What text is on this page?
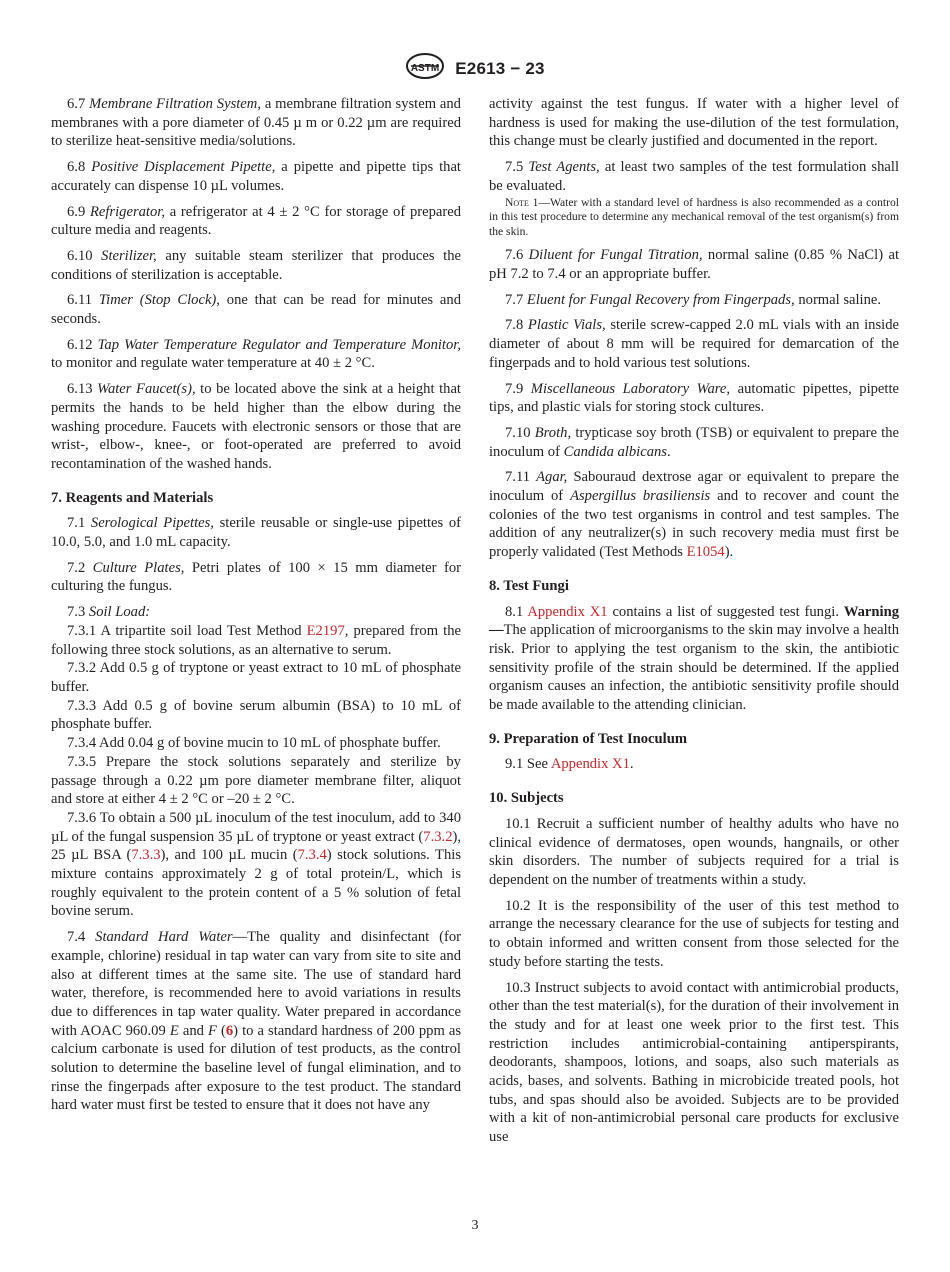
ASTM E2613 − 23

6.7 Membrane Filtration System, a membrane filtration system and membranes with a pore diameter of 0.45 µ m or 0.22 µm are required to sterilize heat-sensitive media/solutions.

6.8 Positive Displacement Pipette, a pipette and pipette tips that accurately can dispense 10 µL volumes.

6.9 Refrigerator, a refrigerator at 4 ± 2 °C for storage of prepared culture media and reagents.

6.10 Sterilizer, any suitable steam sterilizer that produces the conditions of sterilization is acceptable.

6.11 Timer (Stop Clock), one that can be read for minutes and seconds.

6.12 Tap Water Temperature Regulator and Temperature Monitor, to monitor and regulate water temperature at 40 ± 2 °C.

6.13 Water Faucet(s), to be located above the sink at a height that permits the hands to be held higher than the elbow during the washing procedure. Faucets with electronic sensors or those that are wrist-, elbow-, knee-, or foot-operated are preferred to avoid recontamination of the washed hands.

7. Reagents and Materials

7.1 Serological Pipettes, sterile reusable or single-use pipettes of 10.0, 5.0, and 1.0 mL capacity.

7.2 Culture Plates, Petri plates of 100 × 15 mm diameter for culturing the fungus.

7.3 Soil Load:

7.3.1 A tripartite soil load Test Method E2197, prepared from the following three stock solutions, as an alternative to serum.

7.3.2 Add 0.5 g of tryptone or yeast extract to 10 mL of phosphate buffer.

7.3.3 Add 0.5 g of bovine serum albumin (BSA) to 10 mL of phosphate buffer.

7.3.4 Add 0.04 g of bovine mucin to 10 mL of phosphate buffer.

7.3.5 Prepare the stock solutions separately and sterilize by passage through a 0.22 µm pore diameter membrane filter, aliquot and store at either 4 ± 2 °C or –20 ± 2 °C.

7.3.6 To obtain a 500 µL inoculum of the test inoculum, add to 340 µL of the fungal suspension 35 µL of tryptone or yeast extract (7.3.2), 25 µL BSA (7.3.3), and 100 µL mucin (7.3.4) stock solutions. This mixture contains approximately 2 g of total protein/L, which is roughly equivalent to the protein content of a 5 % solution of fetal bovine serum.

7.4 Standard Hard Water—The quality and disinfectant (for example, chlorine) residual in tap water can vary from site to site and also at different times at the same site. The use of standard hard water, therefore, is recommended here to avoid variations in results due to differences in tap water quality. Water prepared in accordance with AOAC 960.09 E and F (6) to a standard hardness of 200 ppm as calcium carbonate is used for dilution of test products, as the control solution to determine the baseline level of fungal elimination, and to rinse the fingerpads after exposure to the test product. The standard hard water must first be tested to ensure that it does not have any

activity against the test fungus. If water with a higher level of hardness is used for making the use-dilution of the test formulation, this change must be clearly justified and documented in the report.

7.5 Test Agents, at least two samples of the test formulation shall be evaluated.

Note 1—Water with a standard level of hardness is also recommended as a control in this test procedure to determine any mechanical removal of the test organism(s) from the skin.

7.6 Diluent for Fungal Titration, normal saline (0.85 % NaCl) at pH 7.2 to 7.4 or an appropriate buffer.

7.7 Eluent for Fungal Recovery from Fingerpads, normal saline.

7.8 Plastic Vials, sterile screw-capped 2.0 mL vials with an inside diameter of about 8 mm will be required for demarcation of the fingerpads and to hold various test solutions.

7.9 Miscellaneous Laboratory Ware, automatic pipettes, pipette tips, and plastic vials for storing stock cultures.

7.10 Broth, trypticase soy broth (TSB) or equivalent to prepare the inoculum of Candida albicans.

7.11 Agar, Sabouraud dextrose agar or equivalent to prepare the inoculum of Aspergillus brasiliensis and to recover and count the colonies of the two test organisms in control and test samples. The addition of any neutralizer(s) in such recovery media must first be properly validated (Test Methods E1054).

8. Test Fungi

8.1 Appendix X1 contains a list of suggested test fungi. Warning—The application of microorganisms to the skin may involve a health risk. Prior to applying the test organism to the skin, the antibiotic sensitivity profile of the strain should be determined. If the applied organism causes an infection, the antibiotic sensitivity profile should be made available to the attending clinician.

9. Preparation of Test Inoculum

9.1 See Appendix X1.

10. Subjects

10.1 Recruit a sufficient number of healthy adults who have no clinical evidence of dermatoses, open wounds, hangnails, or other skin disorders. The number of subjects required for a trial is dependent on the number of treatments within a study.

10.2 It is the responsibility of the user of this test method to arrange the necessary clearance for the use of subjects for testing and to obtain informed and written consent from those selected for the study before starting the tests.

10.3 Instruct subjects to avoid contact with antimicrobial products, other than the test material(s), for the duration of their involvement in the study and for at least one week prior to the first test. This restriction includes antimicrobial-containing antiperspirants, deodorants, shampoos, lotions, and soaps, also such materials as acids, bases, and solvents. Bathing in microbicide treated pools, hot tubs, and spas should also be avoided. Subjects are to be provided with a kit of non-antimicrobial personal care products for exclusive use

3
